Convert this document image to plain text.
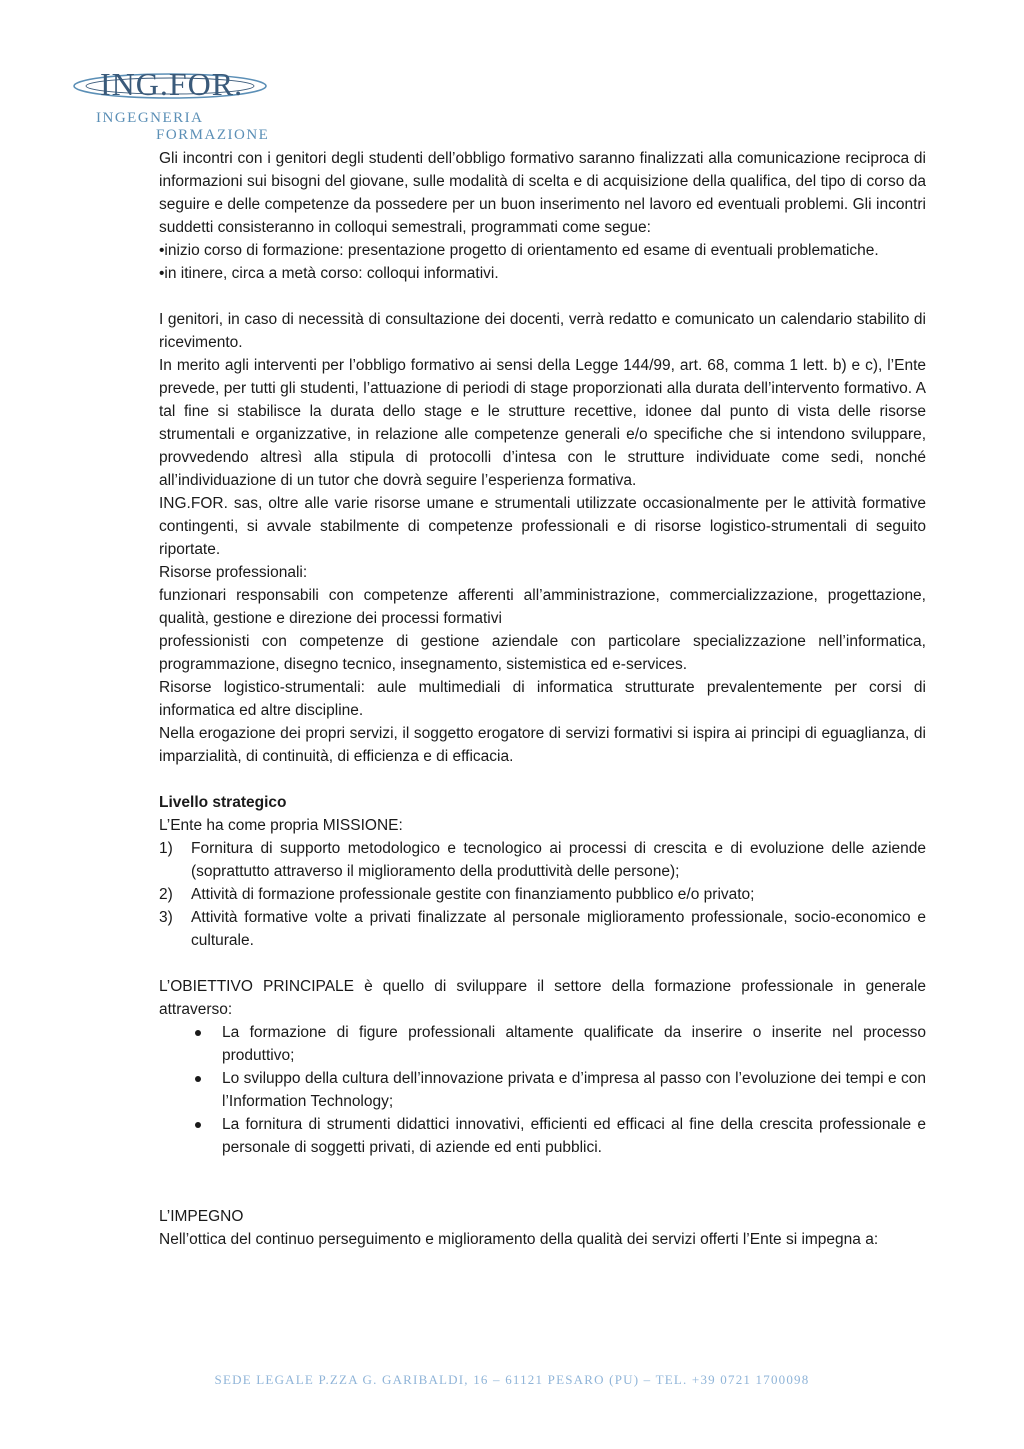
ING.FOR.
INGEGNERIA
FORMAZIONE

Gli incontri con i genitori degli studenti dell’obbligo formativo saranno finalizzati alla comunicazione reciproca di informazioni sui bisogni del giovane, sulle modalità di scelta e di acquisizione della qualifica, del tipo di corso da seguire e delle competenze da possedere per un buon inserimento nel lavoro ed eventuali problemi. Gli incontri suddetti consisteranno in colloqui semestrali, programmati come segue:

•inizio corso di formazione: presentazione progetto di orientamento ed esame di eventuali problematiche.

•in itinere, circa a metà corso: colloqui informativi.

I genitori, in caso di necessità di consultazione dei docenti, verrà redatto e comunicato un calendario stabilito di ricevimento.

In merito agli interventi per l’obbligo formativo ai sensi della Legge 144/99, art. 68, comma 1 lett. b) e c), l’Ente prevede, per tutti gli studenti, l’attuazione di periodi di stage proporzionati alla durata dell’intervento formativo. A tal fine si stabilisce la durata dello stage e le strutture recettive, idonee dal punto di vista delle risorse strumentali e organizzative, in relazione alle competenze generali e/o specifiche che si intendono sviluppare, provvedendo altresì alla stipula di protocolli d’intesa con le strutture individuate come sedi, nonché all’individuazione di un tutor che dovrà seguire l’esperienza formativa.

ING.FOR. sas, oltre alle varie risorse umane e strumentali utilizzate occasionalmente per le attività formative contingenti, si avvale stabilmente di competenze professionali e di risorse logistico-strumentali di seguito riportate.

Risorse professionali:

funzionari responsabili con competenze afferenti all’amministrazione, commercializzazione, progettazione, qualità, gestione e direzione dei processi formativi

professionisti con competenze di gestione aziendale con particolare specializzazione nell’informatica, programmazione, disegno tecnico, insegnamento, sistemistica ed e-services.

Risorse logistico-strumentali: aule multimediali di informatica strutturate prevalentemente per corsi di informatica ed altre discipline.

Nella erogazione dei propri servizi, il soggetto erogatore di servizi formativi si ispira ai principi di eguaglianza, di imparzialità, di continuità, di efficienza e di efficacia.

Livello strategico

L’Ente ha come propria MISSIONE:

1) Fornitura di supporto metodologico e tecnologico ai processi di crescita e di evoluzione delle aziende (soprattutto attraverso il miglioramento della produttività delle persone);
2) Attività di formazione professionale gestite con finanziamento pubblico e/o privato;
3) Attività formative volte a privati finalizzate al personale miglioramento professionale, socio-economico e culturale.

L’OBIETTIVO PRINCIPALE è quello di sviluppare il settore della formazione professionale in generale attraverso:

La formazione di figure professionali altamente qualificate da inserire o inserite nel processo produttivo;
Lo sviluppo della cultura dell’innovazione privata e d’impresa al passo con l’evoluzione dei tempi e con l’Information Technology;
La fornitura di strumenti didattici innovativi, efficienti ed efficaci al fine della crescita professionale e personale di soggetti privati, di aziende ed enti pubblici.

L’IMPEGNO

Nell’ottica del continuo perseguimento e miglioramento della qualità dei servizi offerti l’Ente si impegna a:

SEDE LEGALE P.ZZA G. GARIBALDI, 16 – 61121 PESARO (PU) – TEL. +39 0721 1700098
